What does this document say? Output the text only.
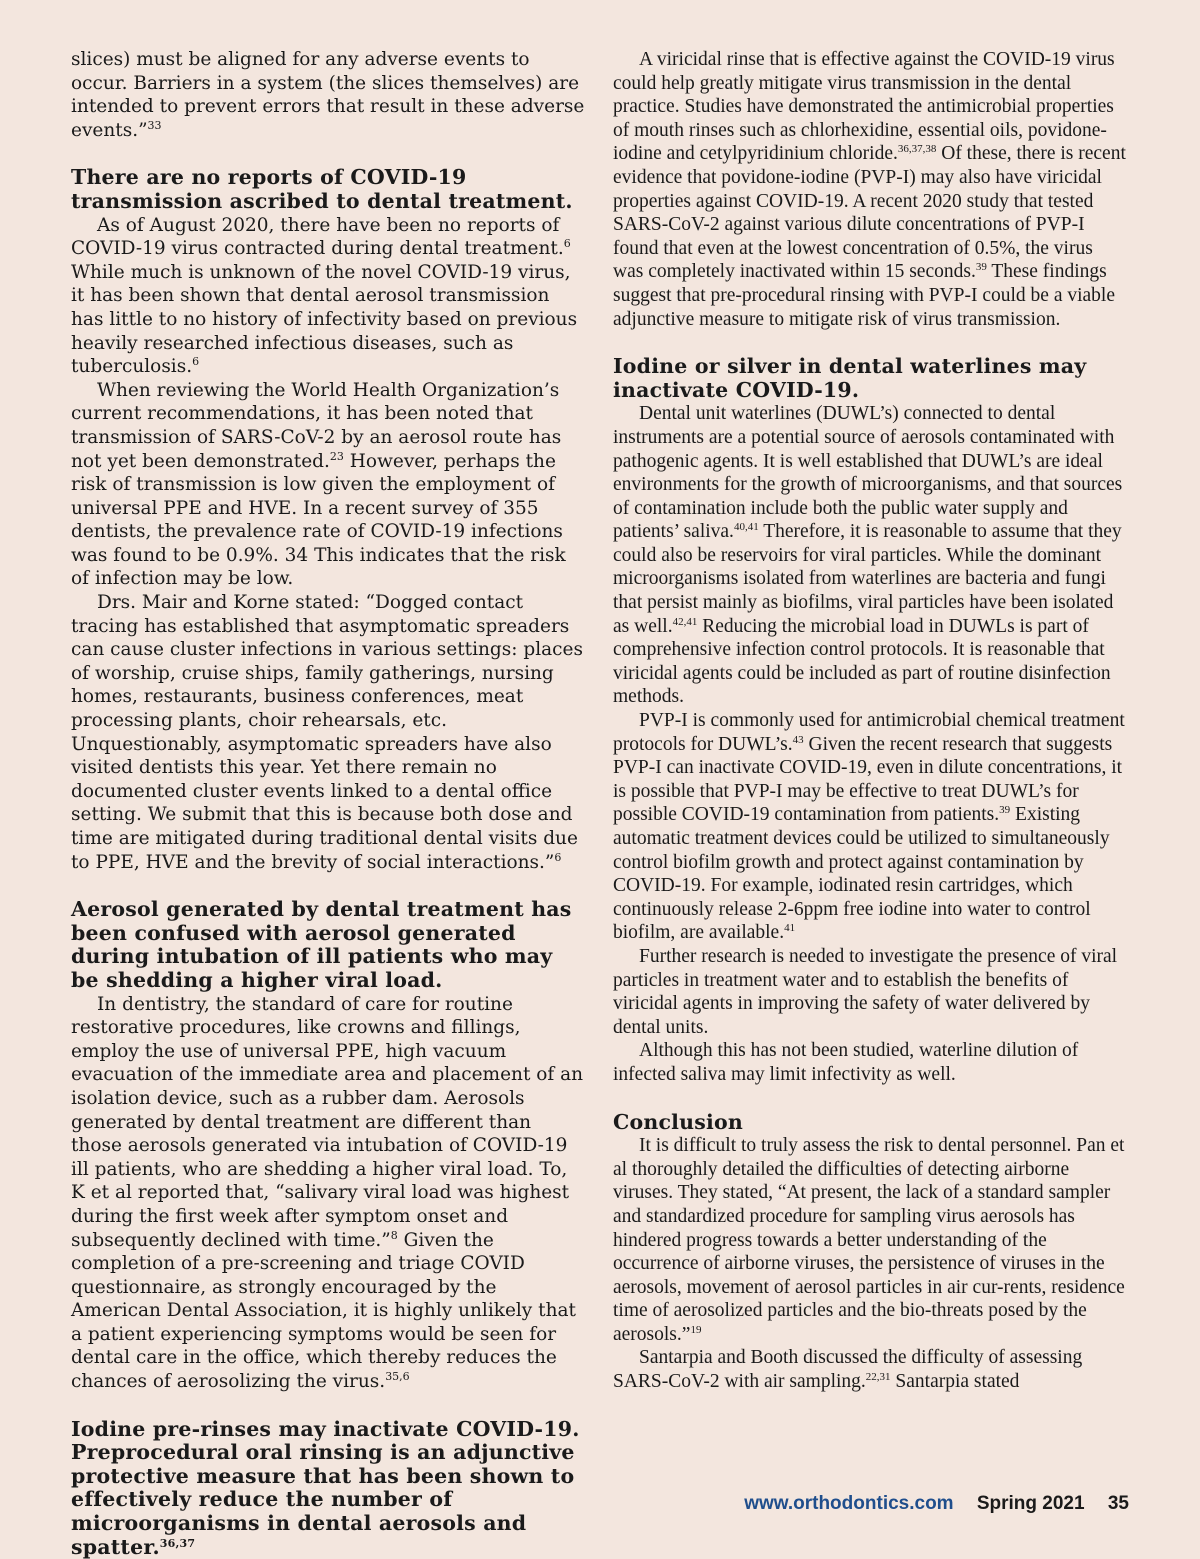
slices) must be aligned for any adverse events to occur. Barriers in a system (the slices themselves) are intended to prevent errors that result in these adverse events.”$^{33}$

There are no reports of COVID-19 transmission ascribed to dental treatment.

As of August 2020, there have been no reports of COVID-19 virus contracted during dental treatment.$^6$ While much is unknown of the novel COVID-19 virus, it has been shown that dental aerosol transmission has little to no history of infectivity based on previous heavily researched infectious diseases, such as tuberculosis.$^6$

When reviewing the World Health Organization’s current recommendations, it has been noted that transmission of SARS-CoV-2 by an aerosol route has not yet been demonstrated.$^{23}$ However, perhaps the risk of transmission is low given the employment of universal PPE and HVE. In a recent survey of 355 dentists, the prevalence rate of COVID-19 infections was found to be 0.9%. 34 This indicates that the risk of infection may be low.

Drs. Mair and Korne stated: “Dogged contact tracing has established that asymptomatic spreaders can cause cluster infections in various settings: places of worship, cruise ships, family gatherings, nursing homes, restaurants, business conferences, meat processing plants, choir rehearsals, etc. Unquestionably, asymptomatic spreaders have also visited dentists this year. Yet there remain no documented cluster events linked to a dental office setting. We submit that this is because both dose and time are mitigated during traditional dental visits due to PPE, HVE and the brevity of social interactions.”$^6$

Aerosol generated by dental treatment has been confused with aerosol generated during intubation of ill patients who may be shedding a higher viral load.

In dentistry, the standard of care for routine restorative procedures, like crowns and fillings, employ the use of universal PPE, high vacuum evacuation of the immediate area and placement of an isolation device, such as a rubber dam. Aerosols generated by dental treatment are different than those aerosols generated via intubation of COVID-19 ill patients, who are shedding a higher viral load. To, K et al reported that, “salivary viral load was highest during the first week after symptom onset and subsequently declined with time.”$^8$ Given the completion of a pre-screening and triage COVID questionnaire, as strongly encouraged by the American Dental Association, it is highly unlikely that a patient experiencing symptoms would be seen for dental care in the office, which thereby reduces the chances of aerosolizing the virus.$^{35,6}$

Iodine pre-rinses may inactivate COVID-19. Preprocedural oral rinsing is an adjunctive protective measure that has been shown to effectively reduce the number of microorganisms in dental aerosols and spatter.$^{36,37}$

A viricidal rinse that is effective against the COVID-19 virus could help greatly mitigate virus transmission in the dental practice. Studies have demonstrated the antimicrobial properties of mouth rinses such as chlorhexidine, essential oils, povidone-iodine and cetylpyridinium chloride.$^{36,37,38}$ Of these, there is recent evidence that povidone-iodine (PVP-I) may also have viricidal properties against COVID-19. A recent 2020 study that tested SARS-CoV-2 against various dilute concentrations of PVP-I found that even at the lowest concentration of 0.5%, the virus was completely inactivated within 15 seconds.$^{39}$ These findings suggest that pre-procedural rinsing with PVP-I could be a viable adjunctive measure to mitigate risk of virus transmission.

Iodine or silver in dental waterlines may inactivate COVID-19.

Dental unit waterlines (DUWL’s) connected to dental instruments are a potential source of aerosols contaminated with pathogenic agents. It is well established that DUWL’s are ideal environments for the growth of microorganisms, and that sources of contamination include both the public water supply and patients’ saliva.$^{40,41}$ Therefore, it is reasonable to assume that they could also be reservoirs for viral particles. While the dominant microorganisms isolated from waterlines are bacteria and fungi that persist mainly as biofilms, viral particles have been isolated as well.$^{42,41}$ Reducing the microbial load in DUWLs is part of comprehensive infection control protocols. It is reasonable that viricidal agents could be included as part of routine disinfection methods.

PVP-I is commonly used for antimicrobial chemical treatment protocols for DUWL’s.$^{43}$ Given the recent research that suggests PVP-I can inactivate COVID-19, even in dilute concentrations, it is possible that PVP-I may be effective to treat DUWL’s for possible COVID-19 contamination from patients.$^{39}$ Existing automatic treatment devices could be utilized to simultaneously control biofilm growth and protect against contamination by COVID-19. For example, iodinated resin cartridges, which continuously release 2-6ppm free iodine into water to control biofilm, are available.$^{41}$

Further research is needed to investigate the presence of viral particles in treatment water and to establish the benefits of viricidal agents in improving the safety of water delivered by dental units.

Although this has not been studied, waterline dilution of infected saliva may limit infectivity as well.

Conclusion

It is difficult to truly assess the risk to dental personnel. Pan et al thoroughly detailed the difficulties of detecting airborne viruses. They stated, “At present, the lack of a standard sampler and standardized procedure for sampling virus aerosols has hindered progress towards a better understanding of the occurrence of airborne viruses, the persistence of viruses in the aerosols, movement of aerosol particles in air cur-rents, residence time of aerosolized particles and the bio-threats posed by the aerosols.”$^{19}$

Santarpia and Booth discussed the difficulty of assessing SARS-CoV-2 with air sampling.$^{22,31}$ Santarpia stated

www.orthodontics.com Spring 2021 35
